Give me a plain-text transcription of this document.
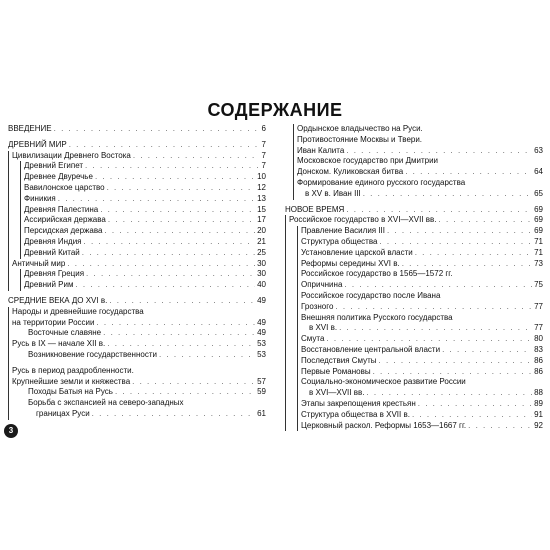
СОДЕРЖАНИЕ
ВВЕДЕНИЕ . . .	6
ДРЕВНИЙ МИР . . .	7
Цивилизации Древнего Востока . . .	7
Древний Египет . . .	7
Древнее Двуречье . . .	10
Вавилонское царство . . .	12
Финикия . . .	13
Древняя Палестина . . .	15
Ассирийская держава . . .	17
Персидская держава . . .	20
Древняя Индия . . .	21
Древний Китай . . .	25
Античный мир . . .	30
Древняя Греция . . .	30
Древний Рим . . .	40
СРЕДНИЕ ВЕКА ДО XVI в. . . .	49
Народы и древнейшие государства
на территории России . . .	49
Восточные славяне . . .	49
Русь в IX — начале XII в. . . .	53
Возникновение государственности . . .	53
Русь в период раздробленности.
Крупнейшие земли и княжества . . .	57
Походы Батыя на Русь . . .	59
Борьба с экспансией на северо-западных
границах Руси . . .	61
Ордынское владычество на Руси.
Противостояние Москвы и Твери.
Иван Калита . . .	63
Московское государство при Дмитрии
Донском. Куликовская битва . . .	64
Формирование единого русского государства
в XV в. Иван III . . .	65
НОВОЕ ВРЕМЯ . . .	69
Российское государство в XVI—XVII вв. . . .	69
Правление Василия III . . .	69
Структура общества . . .	71
Установление царской власти . . .	71
Реформы середины XVI в. . . .	73
Российское государство в 1565—1572 гг.
Опричнина . . .	75
Российское государство после Ивана
Грозного . . .	77
Внешняя политика Русского государства
в XVI в. . . .	77
Смута . . .	80
Восстановление центральной власти . . .	83
Последствия Смуты . . .	86
Первые Романовы . . .	86
Социально-экономическое развитие России
в XVI—XVII вв. . . .	88
Этапы закрепощения крестьян . . .	89
Структура общества в XVII в. . . .	91
Церковный раскол. Реформы 1653—1667 гг. . . .	92
3
